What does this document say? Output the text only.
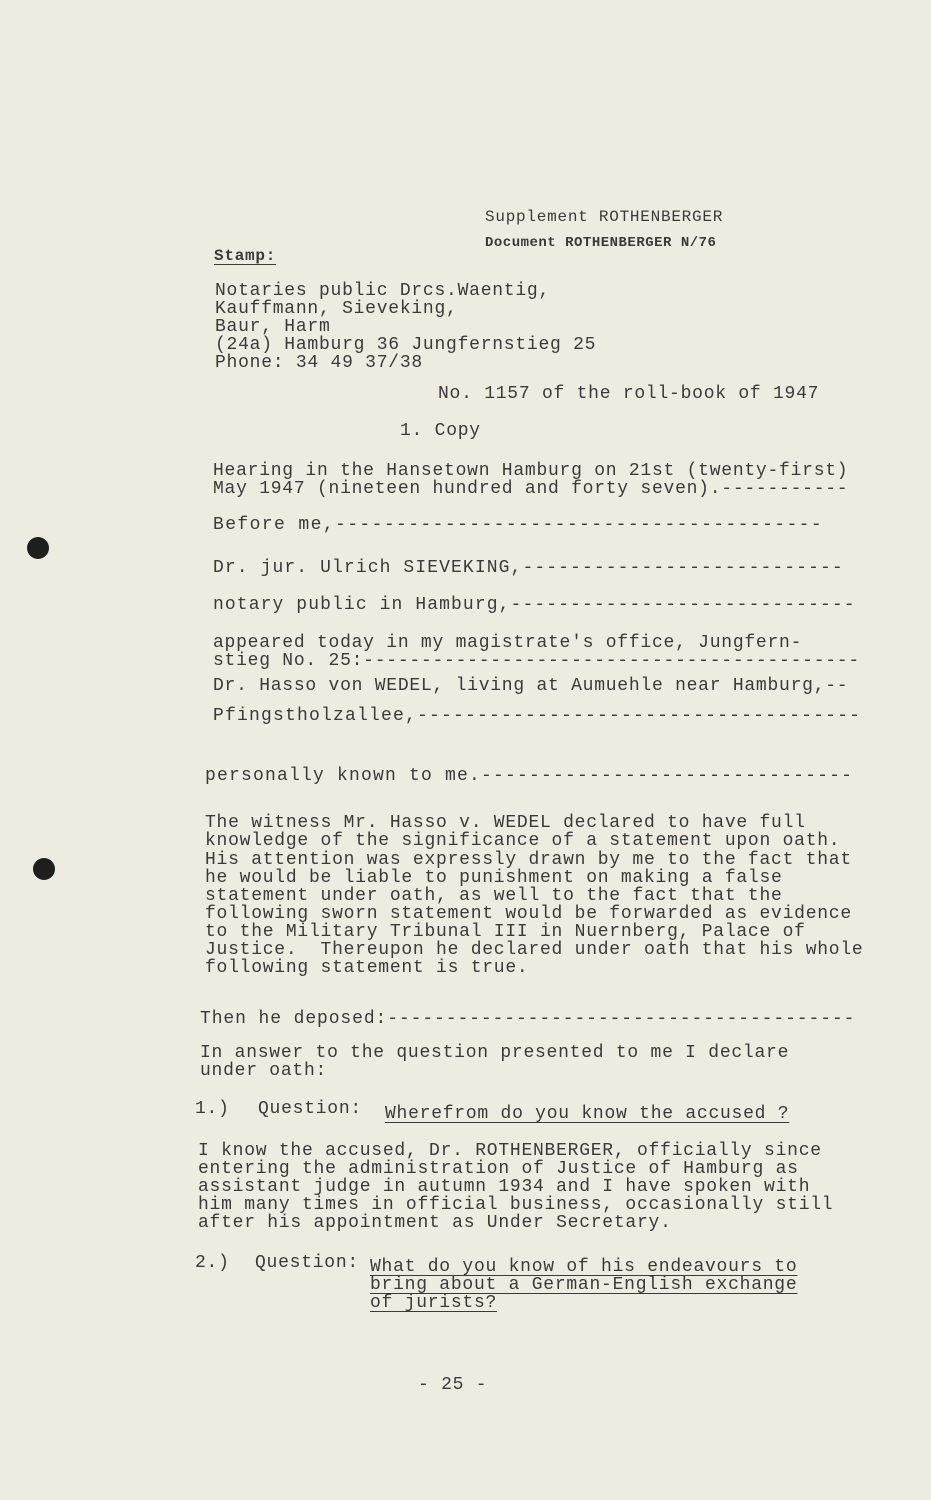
Supplement ROTHENBERGER
Document ROTHENBERGER N/76
Stamp:
Notaries public Drcs.Waentig,
Kauffmann, Sieveking,
Baur, Harm
(24a) Hamburg 36 Jungfernstieg 25
Phone: 34 49 37/38
No. 1157 of the roll-book of 1947
1. Copy
Hearing in the Hansetown Hamburg on 21st (twenty-first)
May 1947 (nineteen hundred and forty seven).-----------
Before me,----------------------------------------
Dr. jur. Ulrich SIEVEKING,---------------------------
notary public in Hamburg,-----------------------------
appeared today in my magistrate's office, Jungfern-
stieg No. 25:-------------------------------------------
Dr. Hasso von WEDEL, living at Aumuehle near Hamburg,--
Pfingstholzallee,-------------------------------------
personally known to me.-------------------------------
The witness Mr. Hasso v. WEDEL declared to have full
knowledge of the significance of a statement upon oath.
His attention was expressly drawn by me to the fact that
he would be liable to punishment on making a false
statement under oath, as well to the fact that the
following sworn statement would be forwarded as evidence
to the Military Tribunal III in Nuernberg, Palace of
Justice.  Thereupon he declared under oath that his whole
following statement is true.
Then he deposed:----------------------------------------
In answer to the question presented to me I declare
under oath:
1.) Question: Wherefrom do you know the accused ?
I know the accused, Dr. ROTHENBERGER, officially since
entering the administration of Justice of Hamburg as
assistant judge in autumn 1934 and I have spoken with
him many times in official business, occasionally still
after his appointment as Under Secretary.
2.) Question: What do you know of his endeavours to
bring about a German-English exchange
of jurists?
- 25 -
